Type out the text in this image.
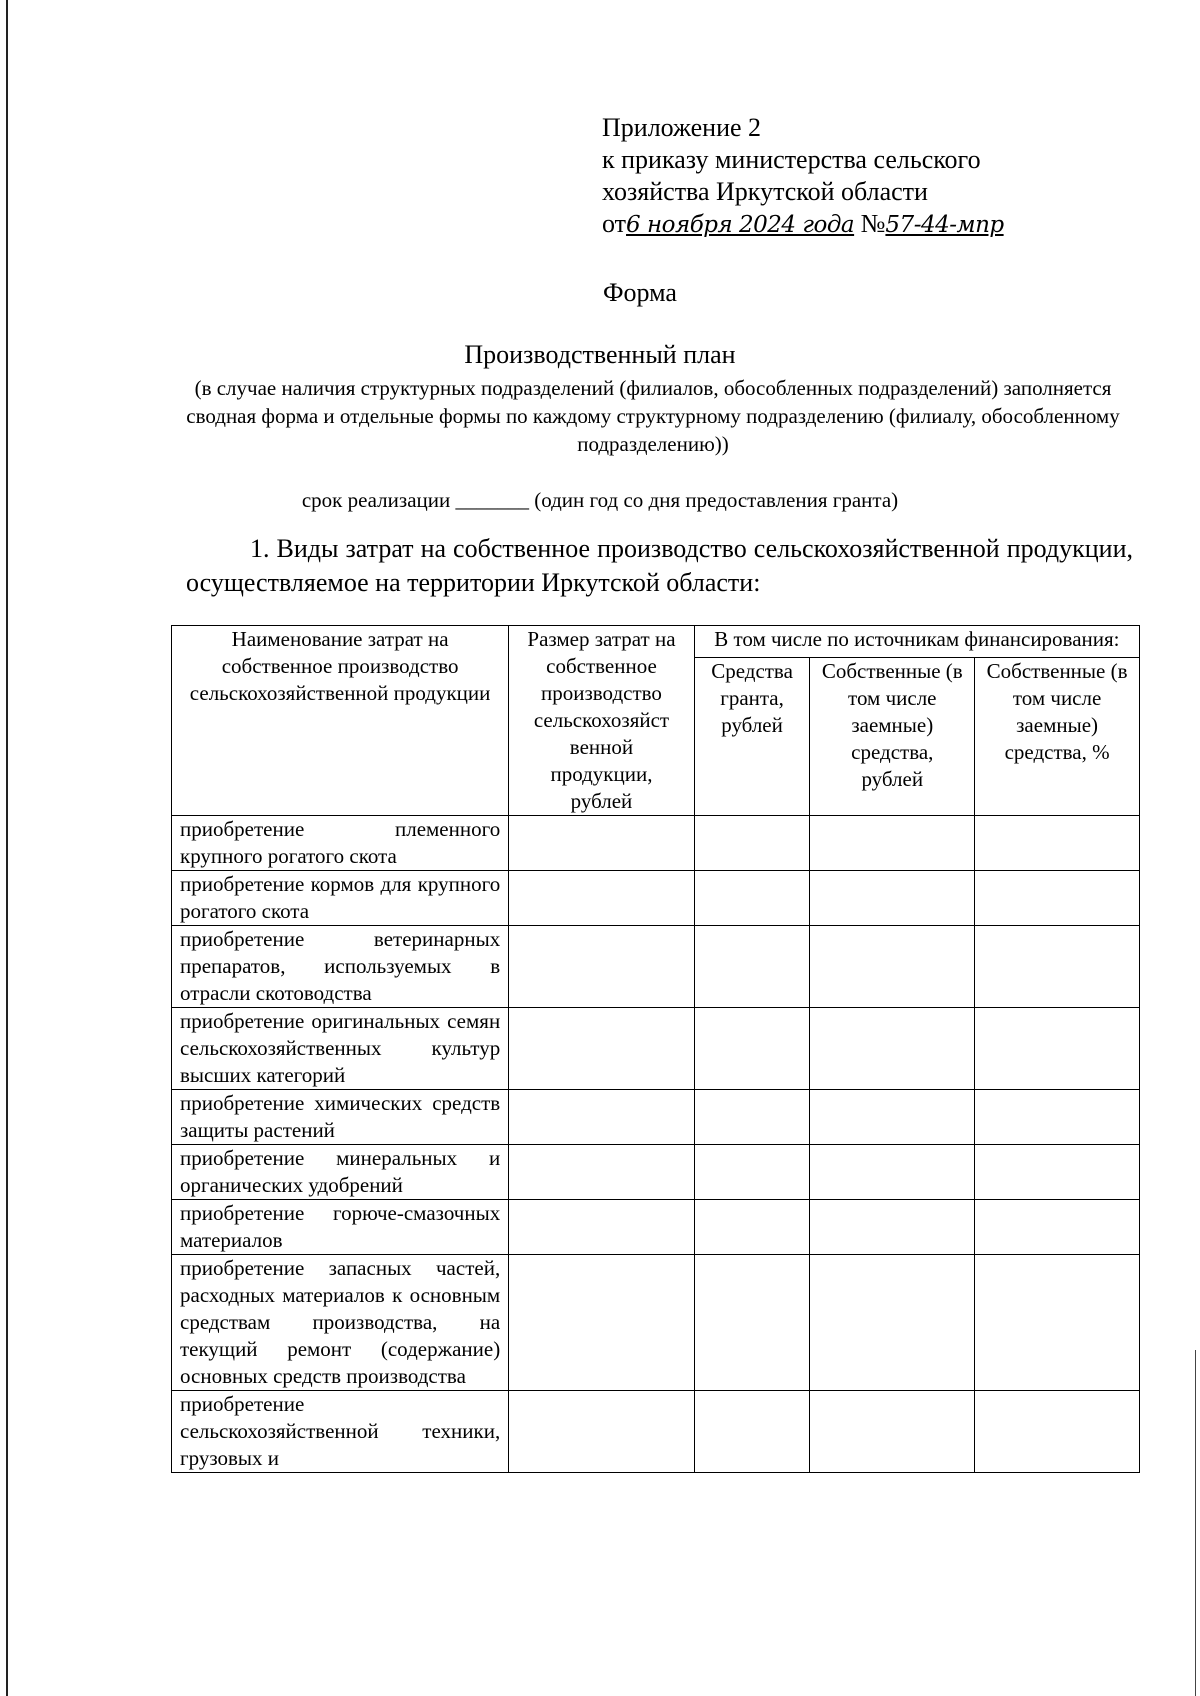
Приложение 2
к приказу министерства сельского
хозяйства Иркутской области
от6 ноября 2024 года №57-44-мпр
Форма
Производственный план
(в случае наличия структурных подразделений (филиалов, обособленных подразделений) заполняется сводная форма и отдельные формы по каждому структурному подразделению (филиалу, обособленному подразделению))
срок реализации _______ (один год со дня предоставления гранта)
1. Виды затрат на собственное производство сельскохозяйственной продукции, осуществляемое на территории Иркутской области:
Наименование затрат на собственное производство сельскохозяйственной продукции	Размер затрат на собственное производство сельскохозяйст венной продукции, рублей	В том числе по источникам финансирования:		
		Средства гранта, рублей	Собственные (в том числе заемные) средства, рублей	Собственные (в том числе заемные) средства, %
приобретение племенного крупного рогатого скота				
приобретение кормов для крупного рогатого скота				
приобретение ветеринарных препаратов, используемых в отрасли скотоводства				
приобретение оригинальных семян сельскохозяйственных культур высших категорий				
приобретение химических средств защиты растений				
приобретение минеральных и органических удобрений				
приобретение горюче-смазочных материалов				
приобретение запасных частей, расходных материалов к основным средствам производства, на текущий ремонт (содержание) основных средств производства				
приобретение сельскохозяйственной техники, грузовых и				
